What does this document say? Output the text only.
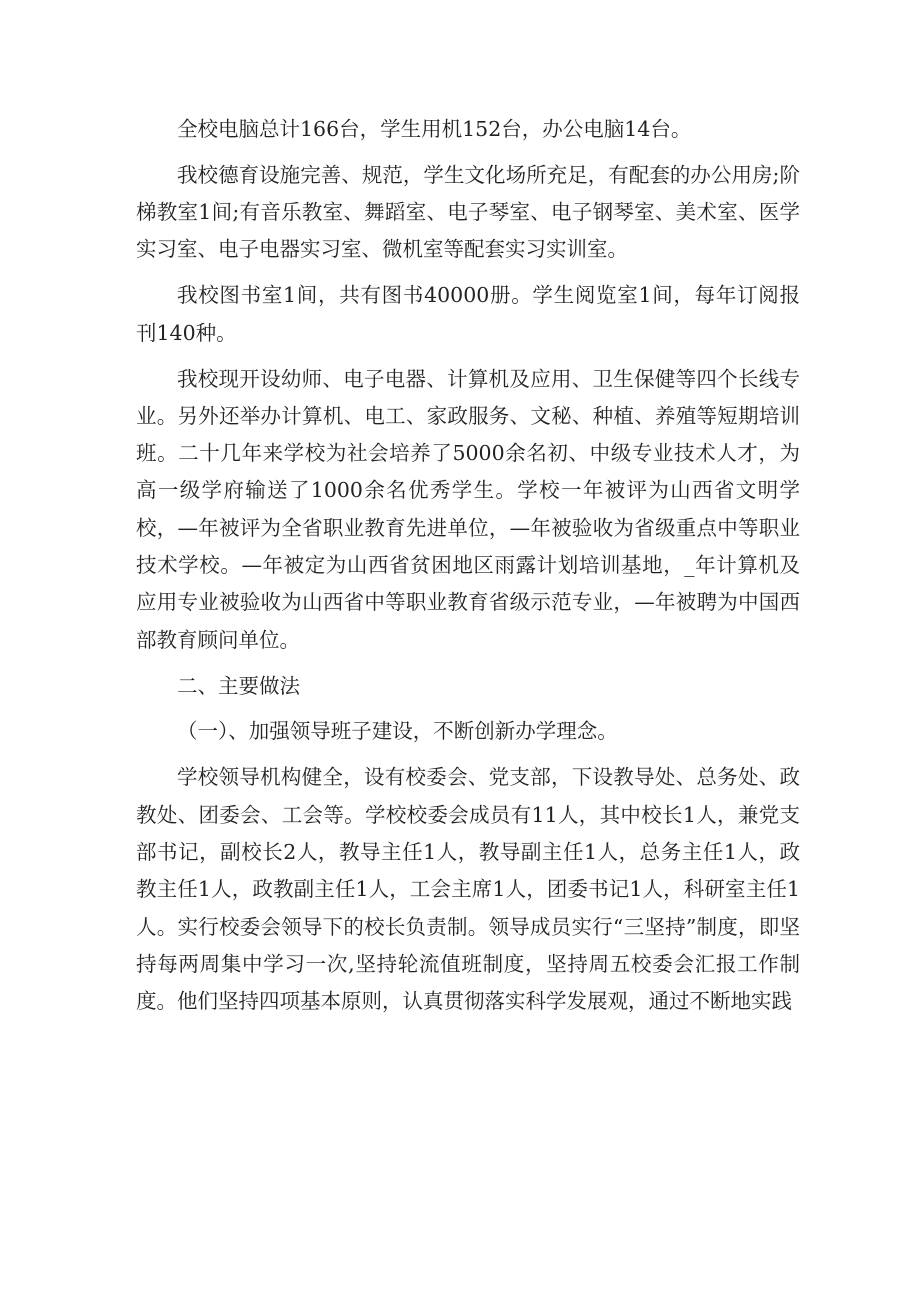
全校电脑总计166台，学生用机152台，办公电脑14台。

我校德育设施完善、规范，学生文化场所充足，有配套的办公用房;阶梯教室1间;有音乐教室、舞蹈室、电子琴室、电子钢琴室、美术室、医学实习室、电子电器实习室、微机室等配套实习实训室。

我校图书室1间，共有图书40000册。学生阅览室1间，每年订阅报刊140种。

我校现开设幼师、电子电器、计算机及应用、卫生保健等四个长线专业。另外还举办计算机、电工、家政服务、文秘、种植、养殖等短期培训班。二十几年来学校为社会培养了5000余名初、中级专业技术人才，为高一级学府输送了1000余名优秀学生。学校一年被评为山西省文明学校，—年被评为全省职业教育先进单位，—年被验收为省级重点中等职业技术学校。—年被定为山西省贫困地区雨露计划培训基地，_年计算机及应用专业被验收为山西省中等职业教育省级示范专业，—年被聘为中国西部教育顾问单位。

二、主要做法

（一）、加强领导班子建设，不断创新办学理念。

学校领导机构健全，设有校委会、党支部，下设教导处、总务处、政教处、团委会、工会等。学校校委会成员有11人，其中校长1人，兼党支部书记，副校长2人，教导主任1人，教导副主任1人，总务主任1人，政教主任1人，政教副主任1人，工会主席1人，团委书记1人，科研室主任1人。实行校委会领导下的校长负责制。领导成员实行“三坚持”制度，即坚持每两周集中学习一次,坚持轮流值班制度，坚持周五校委会汇报工作制度。他们坚持四项基本原则，认真贯彻落实科学发展观，通过不断地实践
